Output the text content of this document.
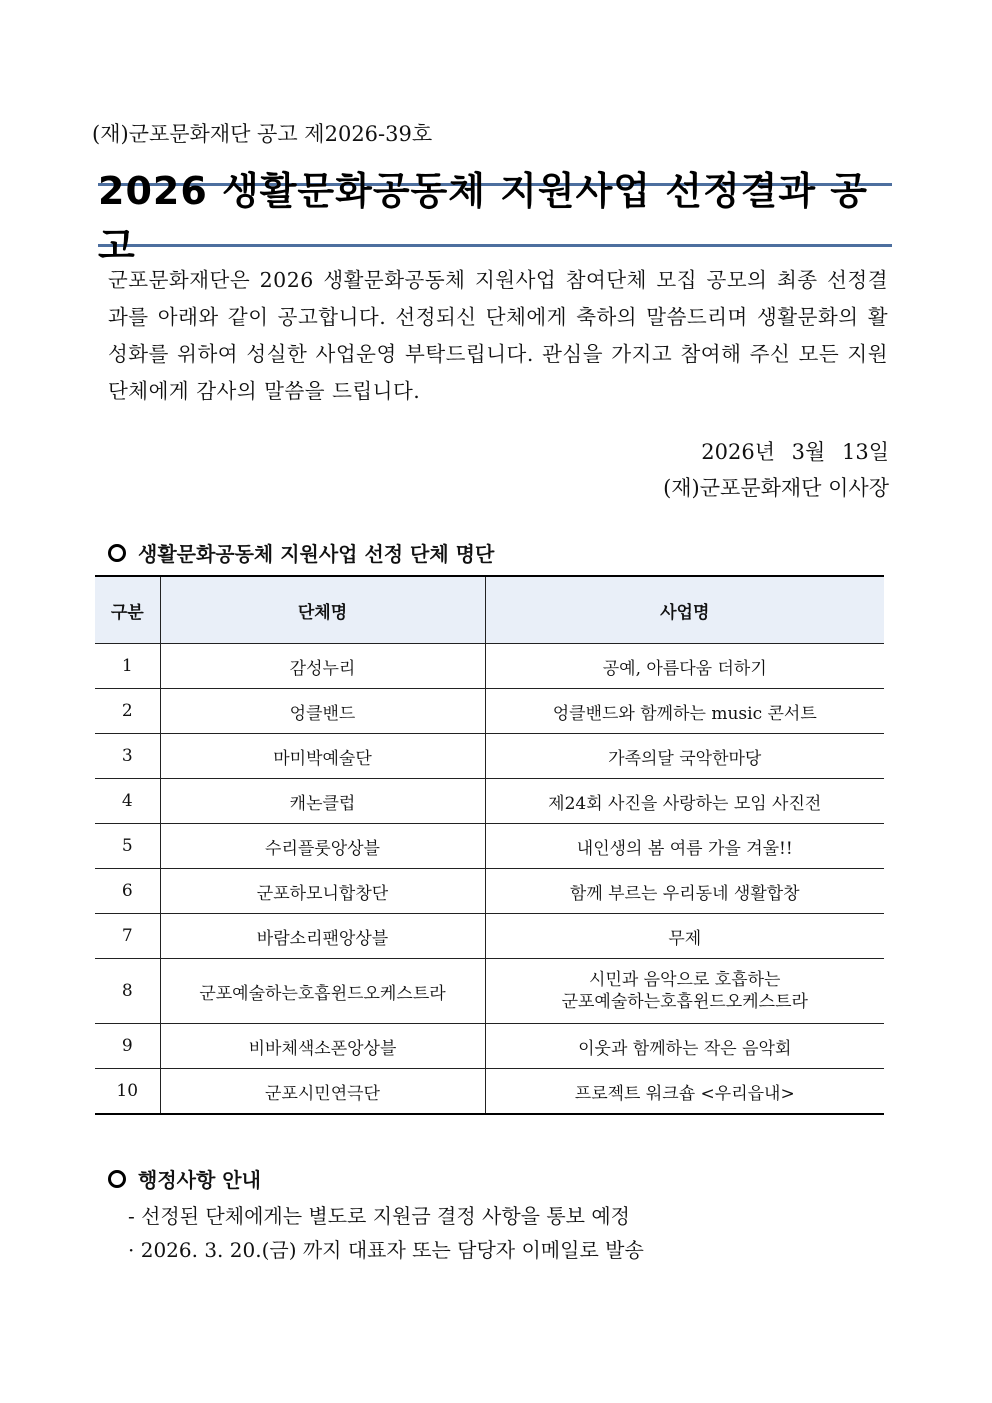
(재)군포문화재단 공고 제2026-39호
2026 생활문화공동체 지원사업 선정결과 공고
군포문화재단은 2026 생활문화공동체 지원사업 참여단체 모집 공모의 최종 선정결과를 아래와 같이 공고합니다. 선정되신 단체에게 축하의 말씀드리며 생활문화의 활성화를 위하여 성실한 사업운영 부탁드립니다. 관심을 가지고 참여해 주신 모든 지원 단체에게 감사의 말씀을 드립니다.
2026년 3월 13일
(재)군포문화재단 이사장
생활문화공동체 지원사업 선정 단체 명단
구분	단체명	사업명
1	감성누리	공예, 아름다움 더하기
2	엉클밴드	엉클밴드와 함께하는 music 콘서트
3	마미박예술단	가족의달 국악한마당
4	캐논클럽	제24회 사진을 사랑하는 모임 사진전
5	수리플룻앙상블	내인생의 봄 여름 가을 겨울!!
6	군포하모니합창단	함께 부르는 우리동네 생활합창
7	바람소리팬앙상블	무제
8	군포예술하는호흡윈드오케스트라	시민과 음악으로 호흡하는
군포예술하는호흡윈드오케스트라

9	비바체색소폰앙상블	이웃과 함께하는 작은 음악회
10	군포시민연극단	프로젝트 워크숍 <우리읍내>
행정사항 안내
- 선정된 단체에게는 별도로 지원금 결정 사항을 통보 예정
· 2026. 3. 20.(금) 까지 대표자 또는 담당자 이메일로 발송
